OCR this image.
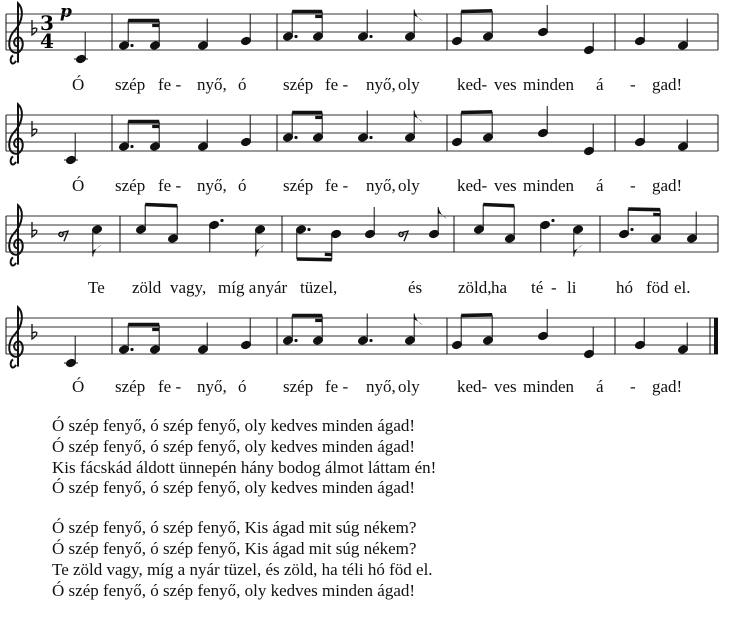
p
3
4
Ó szép fe - nyő, ó szép fe - nyő, oly ked- ves minden á - gad!
Ó szép fe - nyő, ó szép fe - nyő, oly ked- ves minden á - gad!
Te zöld vagy, míg a nyár tüzel,	és zöld, ha té - li hó föd el.
Ó szép fe - nyő, ó szép fe - nyő, oly ked- ves minden á - gad!
Ó szép fenyő, ó szép fenyő, oly kedves minden ágad!
Ó szép fenyő, ó szép fenyő, oly kedves minden ágad!
Kis fácskád áldott ünnepén hány bodog álmot láttam én!
Ó szép fenyő, ó szép fenyő, oly kedves minden ágad!
Ó szép fenyő, ó szép fenyő, Kis ágad mit súg nékem?
Ó szép fenyő, ó szép fenyő, Kis ágad mit súg nékem?
Te zöld vagy, míg a nyár tüzel, és zöld, ha téli hó föd el.
Ó szép fenyő, ó szép fenyő, oly kedves minden ágad!
